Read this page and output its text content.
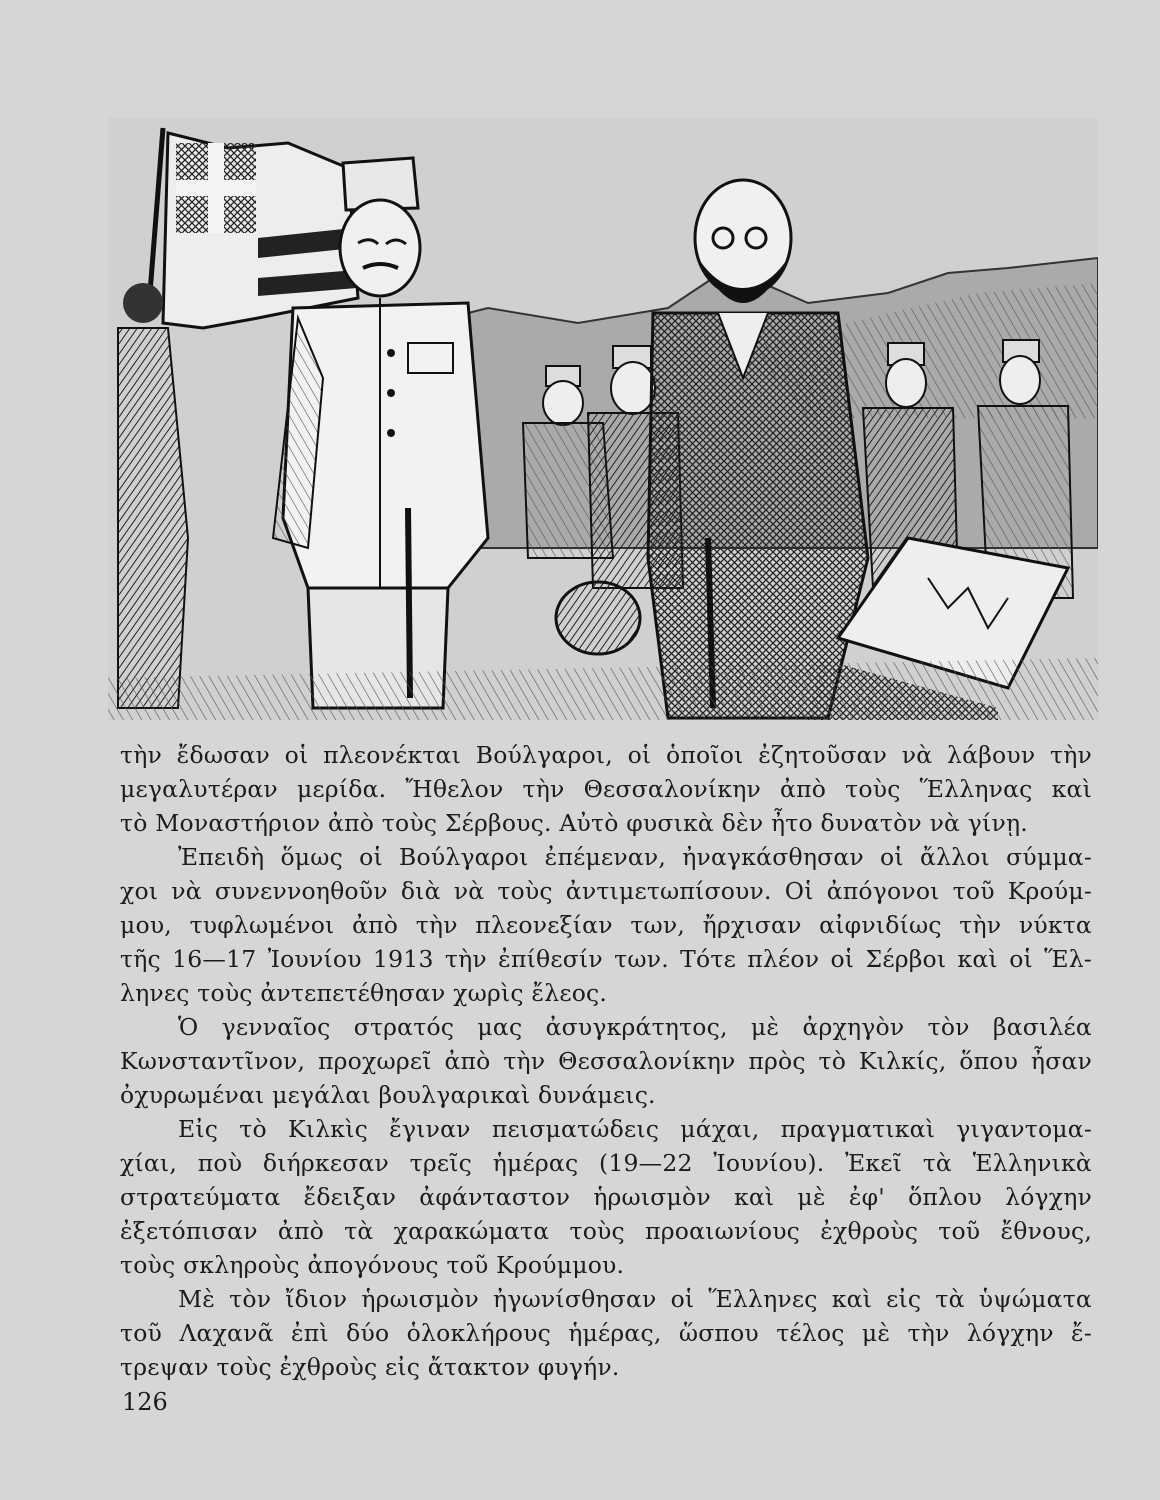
τὴν ἔδωσαν οἱ πλεονέκται Βούλγαροι, οἱ ὁποῖοι ἐζητοῦσαν νὰ λάβουν τὴν
μεγαλυτέραν μερίδα. Ἤθελον τὴν Θεσσαλονίκην ἀπὸ τοὺς Ἕλληνας καὶ
τὸ Μοναστήριον ἀπὸ τοὺς Σέρβους. Αὐτὸ φυσικὰ δὲν ἦτο δυνατὸν νὰ γίνῃ.
Ἐπειδὴ ὅμως οἱ Βούλγαροι ἐπέμεναν, ἠναγκάσθησαν οἱ ἄλλοι σύμμα-
χοι νὰ συνεννοηθοῦν διὰ νὰ τοὺς ἀντιμετωπίσουν. Οἱ ἀπόγονοι τοῦ Κρούμ-
μου, τυφλωμένοι ἀπὸ τὴν πλεονεξίαν των, ἤρχισαν αἰφνιδίως τὴν νύκτα
τῆς 16—17 Ἰουνίου 1913 τὴν ἐπίθεσίν των. Τότε πλέον οἱ Σέρβοι καὶ οἱ Ἕλ-
ληνες τοὺς ἀντεπετέθησαν χωρὶς ἔλεος.
Ὁ γενναῖος στρατός μας ἀσυγκράτητος, μὲ ἀρχηγὸν τὸν βασιλέα
Κωνσταντῖνον, προχωρεῖ ἀπὸ τὴν Θεσσαλονίκην πρὸς τὸ Κιλκίς, ὅπου ἦσαν
ὀχυρωμέναι μεγάλαι βουλγαρικαὶ δυνάμεις.
Εἰς τὸ Κιλκὶς ἔγιναν πεισματώδεις μάχαι, πραγματικαὶ γιγαντομα-
χίαι, ποὺ διήρκεσαν τρεῖς ἡμέρας (19—22 Ἰουνίου). Ἐκεῖ τὰ Ἑλληνικὰ
στρατεύματα ἔδειξαν ἀφάνταστον ἡρωισμὸν καὶ μὲ ἐφ' ὅπλου λόγχην
ἐξετόπισαν ἀπὸ τὰ χαρακώματα τοὺς προαιωνίους ἐχθροὺς τοῦ ἔθνους,
τοὺς σκληροὺς ἀπογόνους τοῦ Κρούμμου.
Μὲ τὸν ἴδιον ἡρωισμὸν ἠγωνίσθησαν οἱ Ἕλληνες καὶ εἰς τὰ ὑψώματα
τοῦ Λαχανᾶ ἐπὶ δύο ὁλοκλήρους ἡμέρας, ὥσπου τέλος μὲ τὴν λόγχην ἔ-
τρεψαν τοὺς ἐχθροὺς εἰς ἄτακτον φυγήν.
126
